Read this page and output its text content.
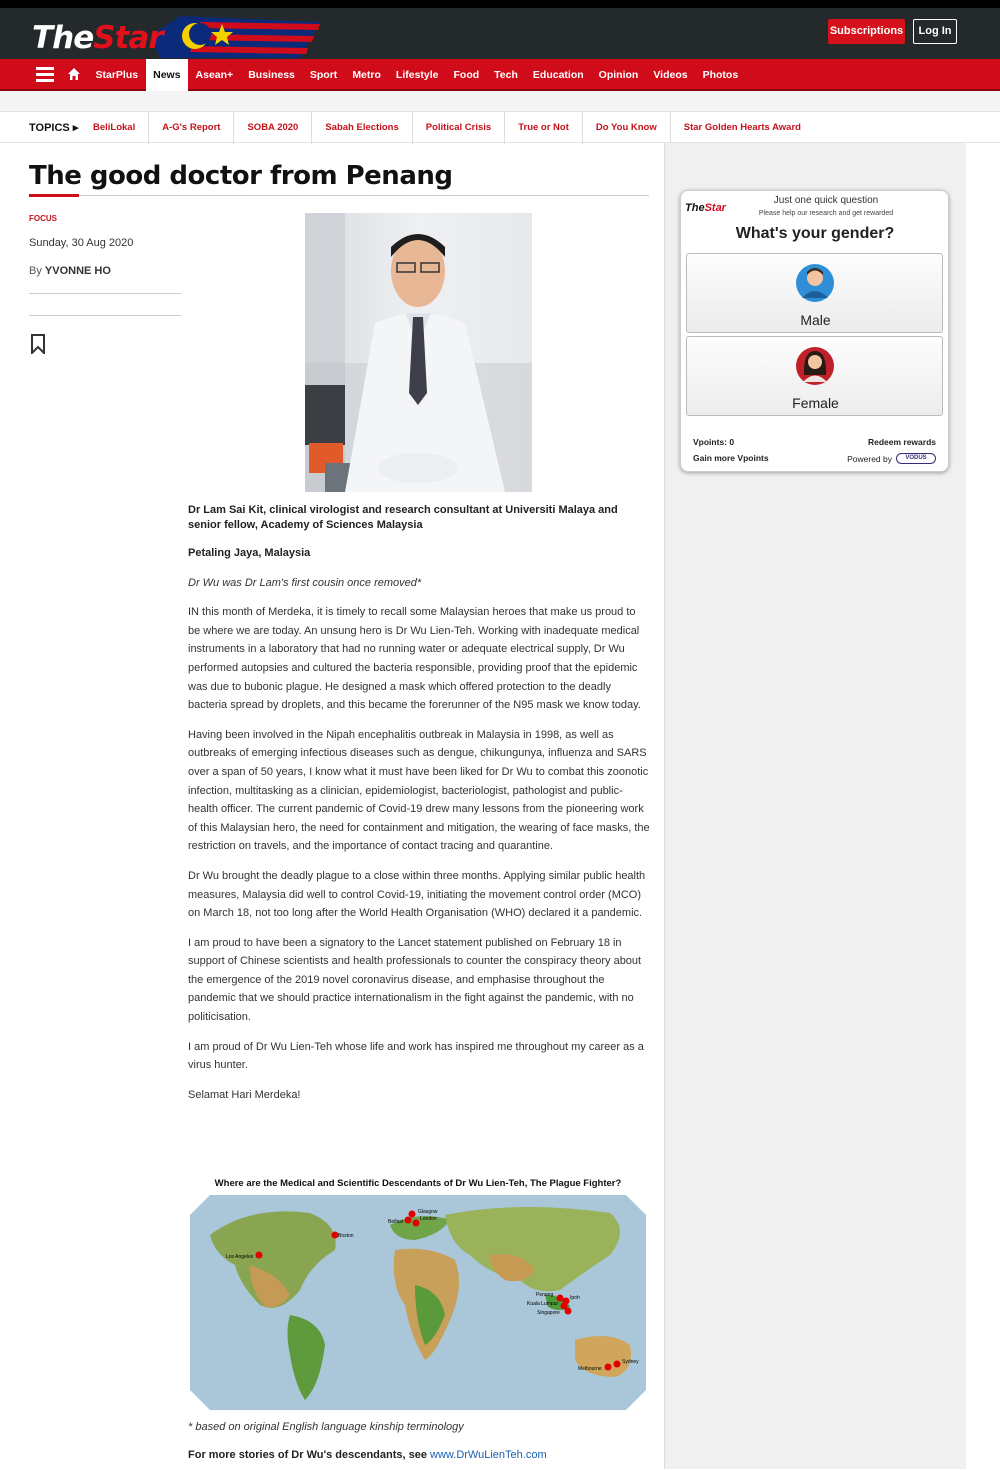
TheStar	Subscriptions	Log In
StarPlus	News	Asean+	Business	Sport	Metro	Lifestyle	Food	Tech	Education	Opinion	Videos	Photos
TOPICS ▸	BeliLokal	A-G's Report	SOBA 2020	Sabah Elections	Political Crisis	True or Not	Do You Know	Star Golden Hearts Award
The good doctor from Penang
FOCUS
Sunday, 30 Aug 2020
By YVONNE HO

Dr Lam Sai Kit, clinical virologist and research consultant at Universiti Malaya and senior fellow, Academy of Sciences Malaysia

Petaling Jaya, Malaysia

Dr Wu was Dr Lam's first cousin once removed*

IN this month of Merdeka, it is timely to recall some Malaysian heroes that make us proud to be where we are today. An unsung hero is Dr Wu Lien-Teh. Working with inadequate medical instruments in a laboratory that had no running water or adequate electrical supply, Dr Wu performed autopsies and cultured the bacteria responsible, providing proof that the epidemic was due to bubonic plague. He designed a mask which offered protection to the deadly bacteria spread by droplets, and this became the forerunner of the N95 mask we know today.

Having been involved in the Nipah encephalitis outbreak in Malaysia in 1998, as well as outbreaks of emerging infectious diseases such as dengue, chikungunya, influenza and SARS over a span of 50 years, I know what it must have been liked for Dr Wu to combat this zoonotic infection, multitasking as a clinician, epidemiologist, bacteriologist, pathologist and public-health officer. The current pandemic of Covid-19 drew many lessons from the pioneering work of this Malaysian hero, the need for containment and mitigation, the wearing of face masks, the restriction on travels, and the importance of contact tracing and quarantine.

Dr Wu brought the deadly plague to a close within three months. Applying similar public health measures, Malaysia did well to control Covid-19, initiating the movement control order (MCO) on March 18, not too long after the World Health Organisation (WHO) declared it a pandemic.

I am proud to have been a signatory to the Lancet statement published on February 18 in support of Chinese scientists and health professionals to counter the conspiracy theory about the emergence of the 2019 novel coronavirus disease, and emphasise throughout the pandemic that we should practice internationalism in the fight against the pandemic, with no politicisation.

I am proud of Dr Wu Lien-Teh whose life and work has inspired me throughout my career as a virus hunter.

Selamat Hari Merdeka!

Where are the Medical and Scientific Descendants of Dr Wu Lien-Teh, The Plague Fighter?
Los Angeles
Boston
Belfast
Glasgow
London
Penang	Ipoh
Kuala Lumpur
Singapore
Melbourne
Sydney
* based on original English language kinship terminology
For more stories of Dr Wu's descendants, see www.DrWuLienTeh.com
TheStar
Just one quick question
Please help our research and get rewarded
What's your gender?
Male
Female
Vpoints: 0	Redeem rewards
Gain more Vpoints	Powered by	VODUS
